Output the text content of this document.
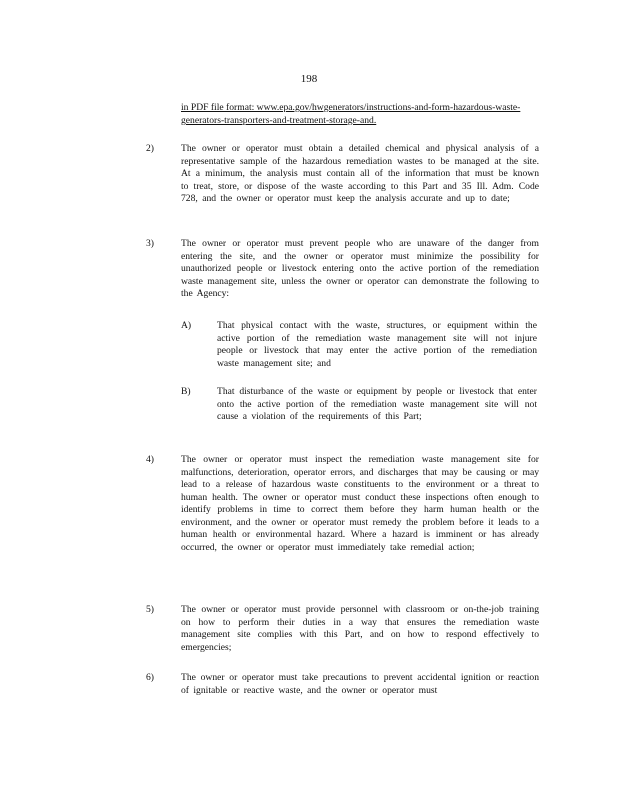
198
in PDF file format: www.epa.gov/hwgenerators/instructions-and-form-hazardous-waste-generators-transporters-and-treatment-storage-and.
2)	The owner or operator must obtain a detailed chemical and physical analysis of a representative sample of the hazardous remediation wastes to be managed at the site. At a minimum, the analysis must contain all of the information that must be known to treat, store, or dispose of the waste according to this Part and 35 Ill. Adm. Code 728, and the owner or operator must keep the analysis accurate and up to date;
3)	The owner or operator must prevent people who are unaware of the danger from entering the site, and the owner or operator must minimize the possibility for unauthorized people or livestock entering onto the active portion of the remediation waste management site, unless the owner or operator can demonstrate the following to the Agency:
A)	That physical contact with the waste, structures, or equipment within the active portion of the remediation waste management site will not injure people or livestock that may enter the active portion of the remediation waste management site; and
B)	That disturbance of the waste or equipment by people or livestock that enter onto the active portion of the remediation waste management site will not cause a violation of the requirements of this Part;
4)	The owner or operator must inspect the remediation waste management site for malfunctions, deterioration, operator errors, and discharges that may be causing or may lead to a release of hazardous waste constituents to the environment or a threat to human health. The owner or operator must conduct these inspections often enough to identify problems in time to correct them before they harm human health or the environment, and the owner or operator must remedy the problem before it leads to a human health or environmental hazard. Where a hazard is imminent or has already occurred, the owner or operator must immediately take remedial action;
5)	The owner or operator must provide personnel with classroom or on-the-job training on how to perform their duties in a way that ensures the remediation waste management site complies with this Part, and on how to respond effectively to emergencies;
6)	The owner or operator must take precautions to prevent accidental ignition or reaction of ignitable or reactive waste, and the owner or operator must
